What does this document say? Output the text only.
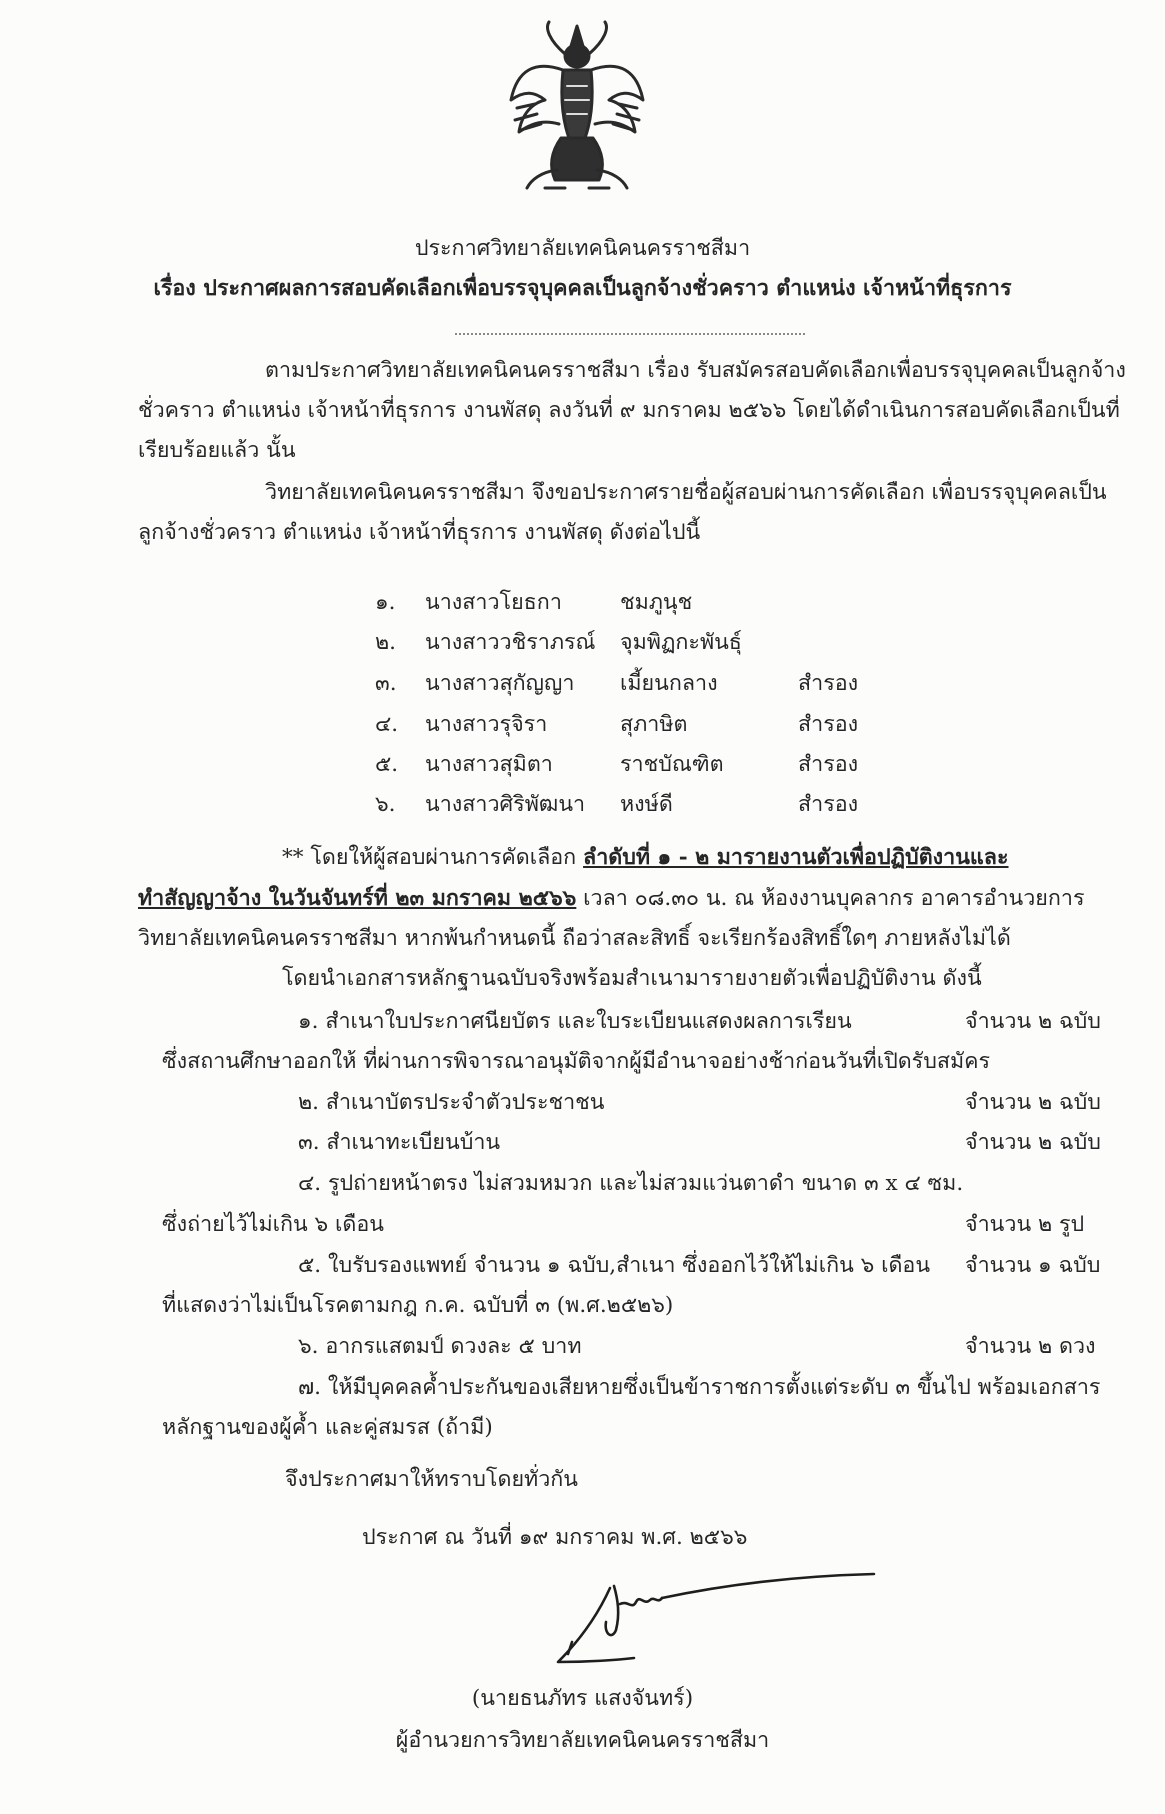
ประกาศวิทยาลัยเทคนิคนครราชสีมา
เรื่อง ประกาศผลการสอบคัดเลือกเพื่อบรรจุบุคคลเป็นลูกจ้างชั่วคราว ตำแหน่ง เจ้าหน้าที่ธุรการ
ตามประกาศวิทยาลัยเทคนิคนครราชสีมา เรื่อง รับสมัครสอบคัดเลือกเพื่อบรรจุบุคคลเป็นลูกจ้าง
ชั่วคราว ตำแหน่ง เจ้าหน้าที่ธุรการ งานพัสดุ ลงวันที่ ๙ มกราคม ๒๕๖๖ โดยได้ดำเนินการสอบคัดเลือกเป็นที่
เรียบร้อยแล้ว นั้น
วิทยาลัยเทคนิคนครราชสีมา จึงขอประกาศรายชื่อผู้สอบผ่านการคัดเลือก เพื่อบรรจุบุคคลเป็น
ลูกจ้างชั่วคราว ตำแหน่ง เจ้าหน้าที่ธุรการ งานพัสดุ ดังต่อไปนี้
๑. นางสาวโยธกา	ชมภูนุช
๒. นางสาววชิราภรณ์ จุมพิฏกะพันธุ์
๓. นางสาวสุกัญญา เมี้ยนกลาง	สำรอง
๔. นางสาวรุจิรา	สุภาษิต	สำรอง
๕. นางสาวสุมิตา	ราชบัณฑิต	สำรอง
๖. นางสาวศิริพัฒนา หงษ์ดี	สำรอง
** โดยให้ผู้สอบผ่านการคัดเลือก ลำดับที่ ๑ - ๒ มารายงานตัวเพื่อปฏิบัติงานและ
ทำสัญญาจ้าง ในวันจันทร์ที่ ๒๓ มกราคม ๒๕๖๖ เวลา ๐๘.๓๐ น. ณ ห้องงานบุคลากร อาคารอำนวยการ
วิทยาลัยเทคนิคนครราชสีมา หากพ้นกำหนดนี้ ถือว่าสละสิทธิ์ จะเรียกร้องสิทธิ์ใดๆ ภายหลังไม่ได้
โดยนำเอกสารหลักฐานฉบับจริงพร้อมสำเนามารายงายตัวเพื่อปฏิบัติงาน ดังนี้
๑. สำเนาใบประกาศนียบัตร และใบระเบียนแสดงผลการเรียน	จำนวน ๒ ฉบับ
ซึ่งสถานศึกษาออกให้ ที่ผ่านการพิจารณาอนุมัติจากผู้มีอำนาจอย่างช้าก่อนวันที่เปิดรับสมัคร
๒. สำเนาบัตรประจำตัวประชาชน	จำนวน ๒ ฉบับ
๓. สำเนาทะเบียนบ้าน	จำนวน ๒ ฉบับ
๔. รูปถ่ายหน้าตรง ไม่สวมหมวก และไม่สวมแว่นตาดำ ขนาด ๓ x ๔ ซม.
ซึ่งถ่ายไว้ไม่เกิน ๖ เดือน	จำนวน ๒ รูป
๕. ใบรับรองแพทย์ จำนวน ๑ ฉบับ,สำเนา ซึ่งออกไว้ให้ไม่เกิน ๖ เดือน จำนวน ๑ ฉบับ
ที่แสดงว่าไม่เป็นโรคตามกฎ ก.ค. ฉบับที่ ๓ (พ.ศ.๒๕๒๖)
๖. อากรแสตมป์ ดวงละ ๕ บาท	จำนวน ๒ ดวง
๗. ให้มีบุคคลค้ำประกันของเสียหายซึ่งเป็นข้าราชการตั้งแต่ระดับ ๓ ขึ้นไป พร้อมเอกสาร
หลักฐานของผู้ค้ำ และคู่สมรส (ถ้ามี)
จึงประกาศมาให้ทราบโดยทั่วกัน
ประกาศ ณ วันที่ ๑๙ มกราคม พ.ศ. ๒๕๖๖
(นายธนภัทร แสงจันทร์)
ผู้อำนวยการวิทยาลัยเทคนิคนครราชสีมา
